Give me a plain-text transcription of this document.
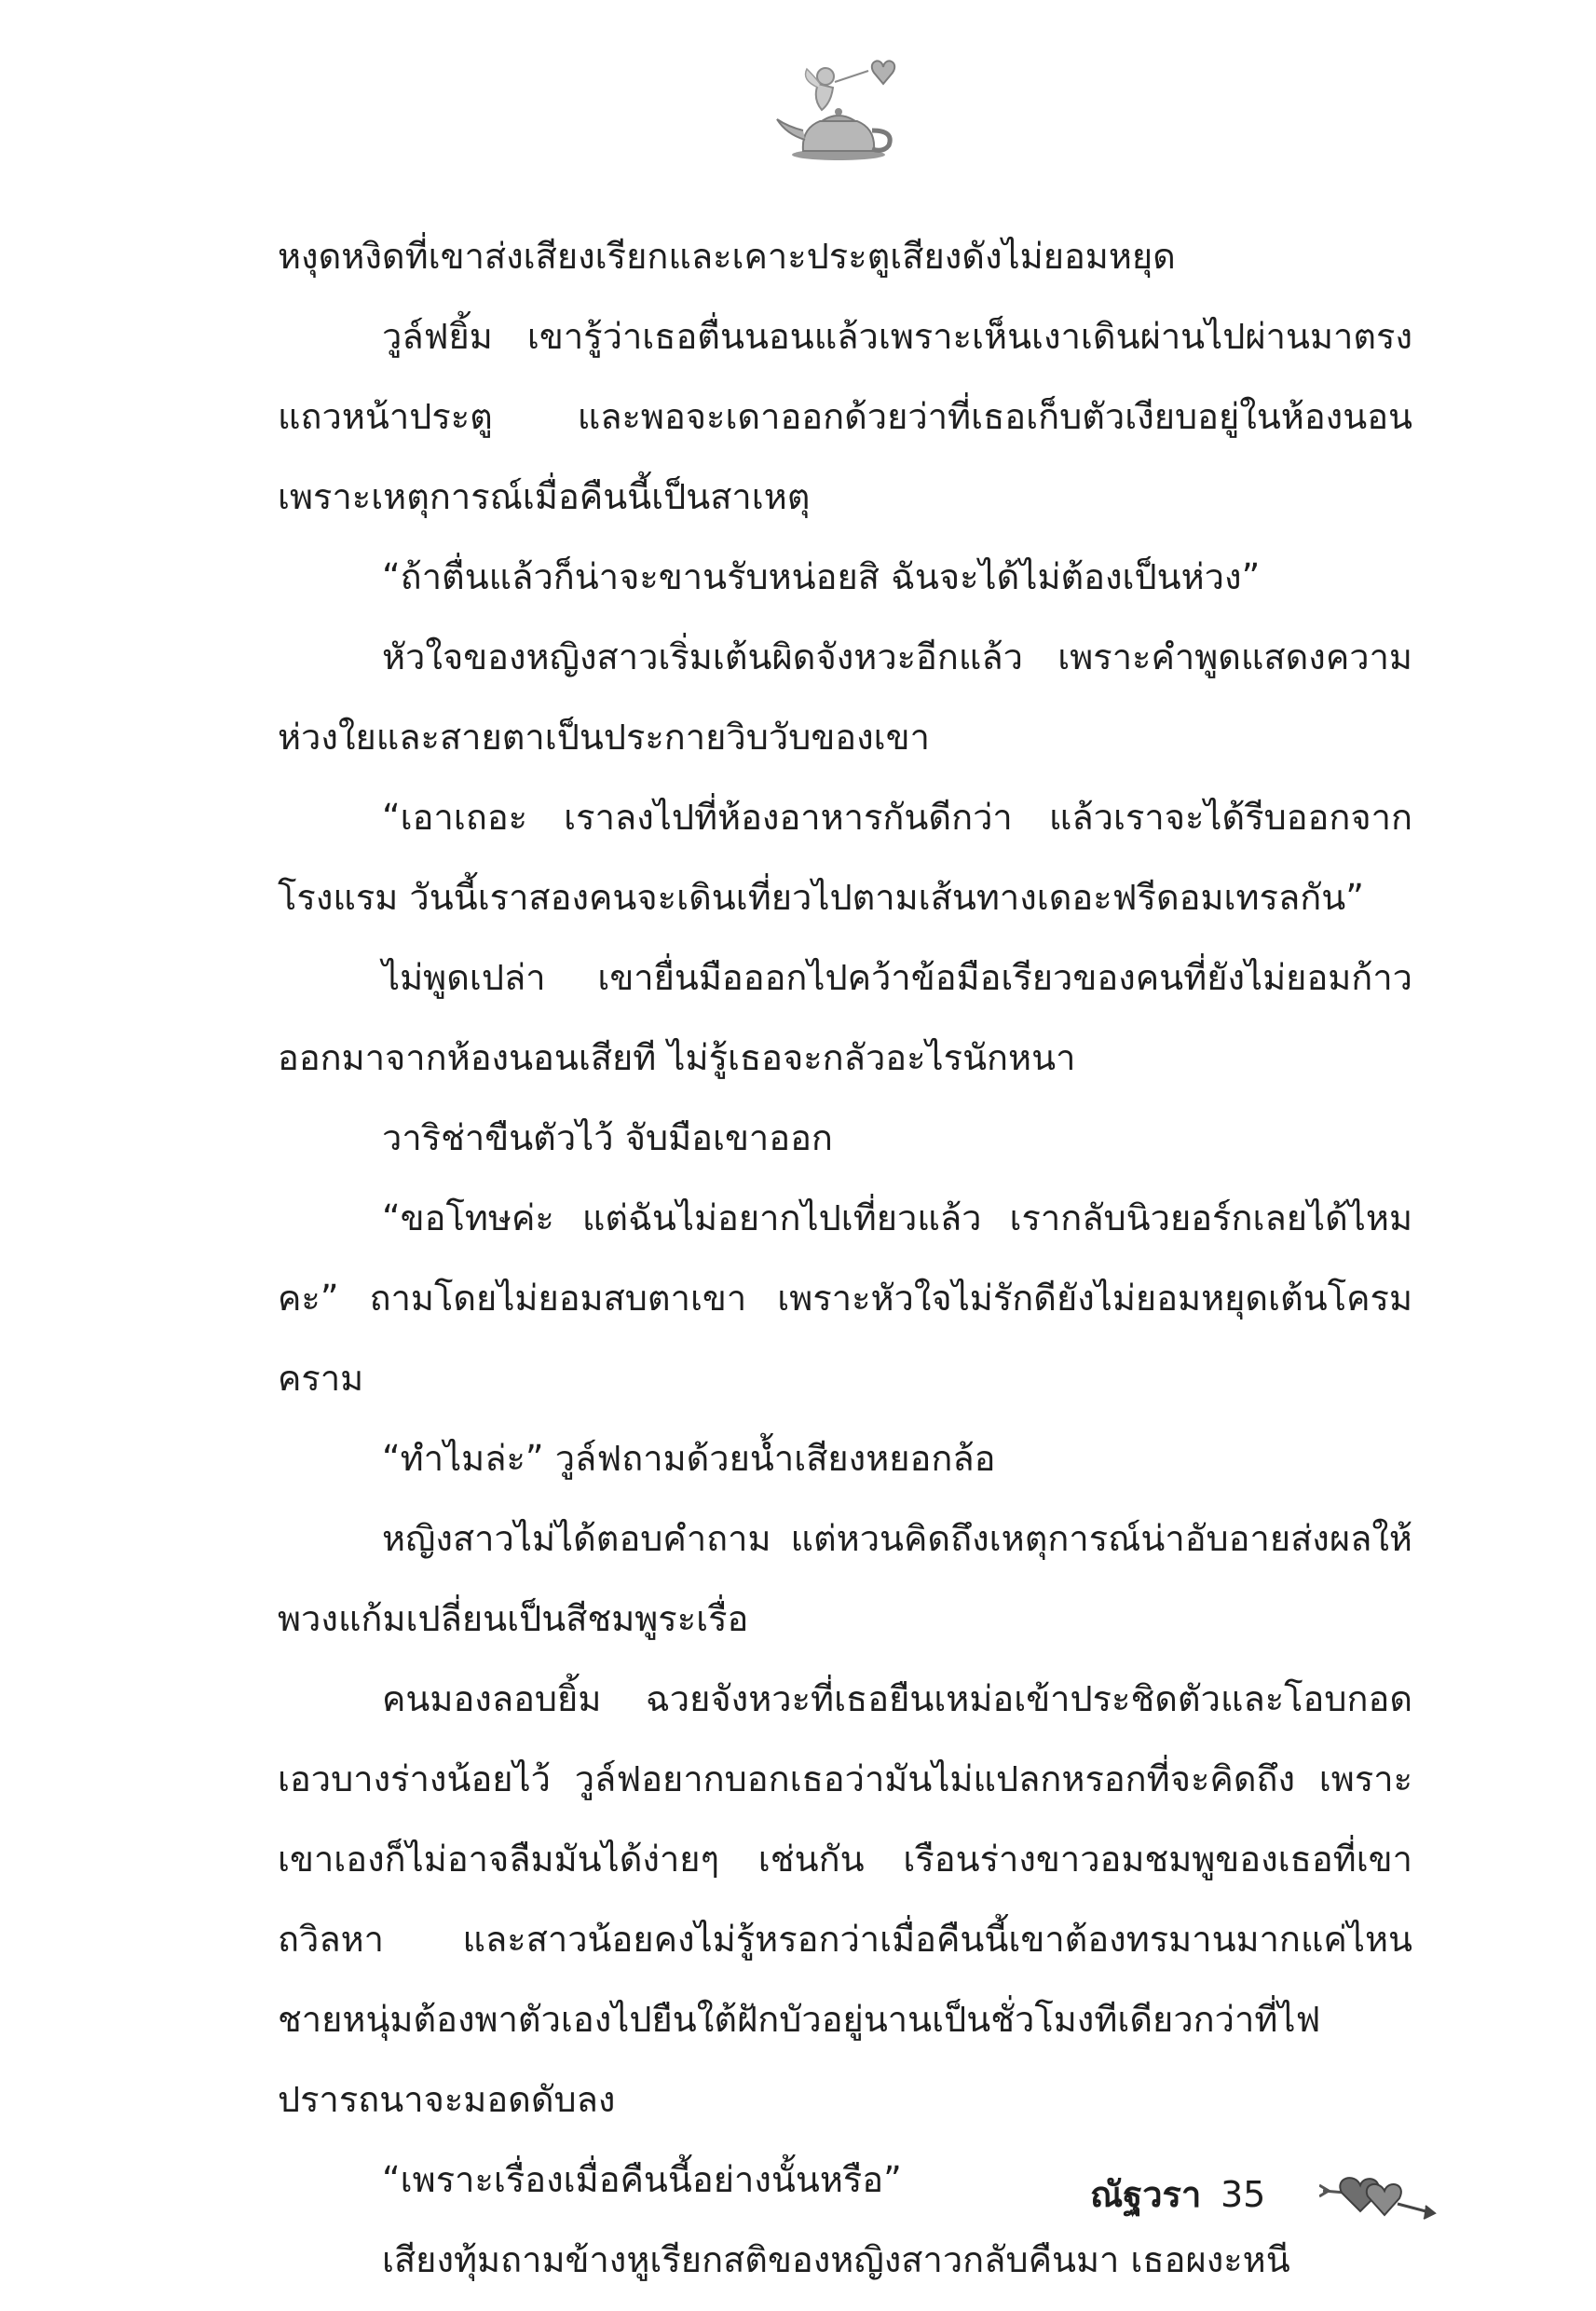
หงุดหงิดที่เขาส่งเสียงเรียกและเคาะประตูเสียงดังไม่ยอมหยุด

วูล์ฟยิ้ม เขารู้ว่าเธอตื่นนอนแล้วเพราะเห็นเงาเดินผ่านไปผ่านมาตรงแถวหน้าประตู และพอจะเดาออกด้วยว่าที่เธอเก็บตัวเงียบอยู่ในห้องนอนเพราะเหตุการณ์เมื่อคืนนี้เป็นสาเหตุ

“ถ้าตื่นแล้วก็น่าจะขานรับหน่อยสิ ฉันจะได้ไม่ต้องเป็นห่วง”

หัวใจของหญิงสาวเริ่มเต้นผิดจังหวะอีกแล้ว เพราะคำพูดแสดงความห่วงใยและสายตาเป็นประกายวิบวับของเขา

“เอาเถอะ เราลงไปที่ห้องอาหารกันดีกว่า แล้วเราจะได้รีบออกจากโรงแรม วันนี้เราสองคนจะเดินเที่ยวไปตามเส้นทางเดอะฟรีดอมเทรลกัน”

ไม่พูดเปล่า เขายื่นมือออกไปคว้าข้อมือเรียวของคนที่ยังไม่ยอมก้าวออกมาจากห้องนอนเสียที ไม่รู้เธอจะกลัวอะไรนักหนา

วาริช่าขืนตัวไว้ จับมือเขาออก

“ขอโทษค่ะ แต่ฉันไม่อยากไปเที่ยวแล้ว เรากลับนิวยอร์กเลยได้ไหมคะ” ถามโดยไม่ยอมสบตาเขา เพราะหัวใจไม่รักดียังไม่ยอมหยุดเต้นโครมคราม

“ทำไมล่ะ” วูล์ฟถามด้วยน้ำเสียงหยอกล้อ

หญิงสาวไม่ได้ตอบคำถาม แต่หวนคิดถึงเหตุการณ์น่าอับอายส่งผลให้พวงแก้มเปลี่ยนเป็นสีชมพูระเรื่อ

คนมองลอบยิ้ม ฉวยจังหวะที่เธอยืนเหม่อเข้าประชิดตัวและโอบกอดเอวบางร่างน้อยไว้ วูล์ฟอยากบอกเธอว่ามันไม่แปลกหรอกที่จะคิดถึง เพราะเขาเองก็ไม่อาจลืมมันได้ง่ายๆ เช่นกัน เรือนร่างขาวอมชมพูของเธอที่เขาถวิลหา และสาวน้อยคงไม่รู้หรอกว่าเมื่อคืนนี้เขาต้องทรมานมากแค่ไหน ชายหนุ่มต้องพาตัวเองไปยืนใต้ฝักบัวอยู่นานเป็นชั่วโมงทีเดียวกว่าที่ไฟปรารถนาจะมอดดับลง

“เพราะเรื่องเมื่อคืนนี้อย่างนั้นหรือ”

เสียงทุ้มถามข้างหูเรียกสติของหญิงสาวกลับคืนมา เธอผงะหนี

ณัฐวรา 35
